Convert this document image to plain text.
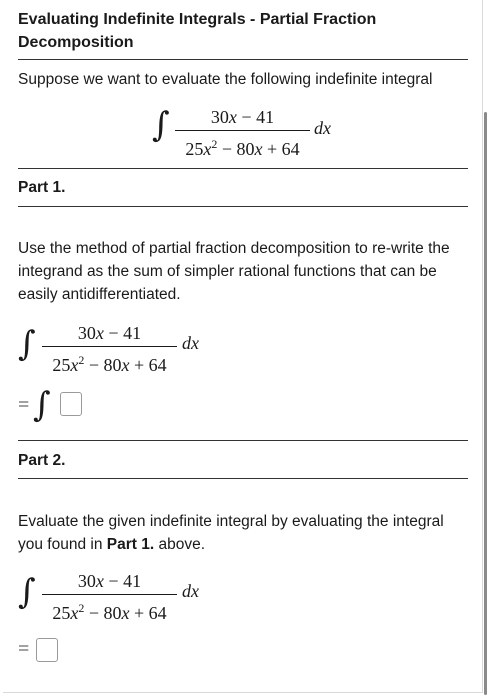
Evaluating Indefinite Integrals - Partial Fraction Decomposition
Suppose we want to evaluate the following indefinite integral
∫	30x − 41
$25x^2 - 80x + 64$
dx
Part 1.
Use the method of partial fraction decomposition to re-write the integrand as the sum of simpler rational functions that can be easily antidifferentiated.
∫	30x − 41
$25x^2 - 80x + 64$
dx
= ∫
Part 2.
Evaluate the given indefinite integral by evaluating the integral you found in Part 1. above.
∫	30x − 41
$25x^2 - 80x + 64$
dx
=
